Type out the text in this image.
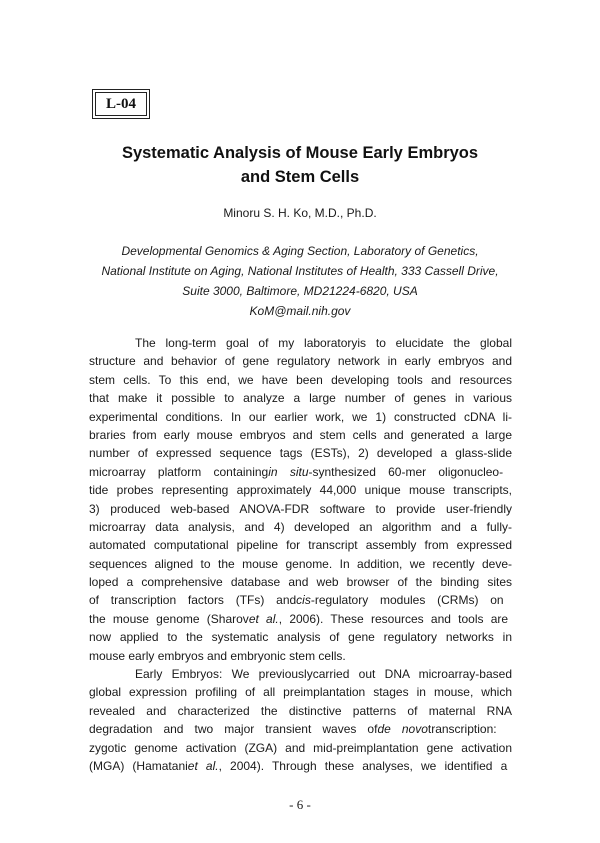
L-04
Systematic Analysis of Mouse Early Embryos
and Stem Cells
Minoru S. H. Ko, M.D., Ph.D.
Developmental Genomics & Aging Section, Laboratory of Genetics,
National Institute on Aging, National Institutes of Health, 333 Cassell Drive,
Suite 3000, Baltimore, MD21224-6820, USA
KoM@mail.nih.gov
The long-term goal of my laboratoryis to elucidate the global
structure and behavior of gene regulatory network in early embryos and
stem cells. To this end, we have been developing tools and resources
that make it possible to analyze a large number of genes in various
experimental conditions. In our earlier work, we 1) constructed cDNA li-
braries from early mouse embryos and stem cells and generated a large
number of expressed sequence tags (ESTs), 2) developed a glass-slide
microarray platform containingin situ-synthesized 60-mer oligonucleo-
tide probes representing approximately 44,000 unique mouse transcripts,
3) produced web-based ANOVA-FDR software to provide user-friendly
microarray data analysis, and 4) developed an algorithm and a fully-
automated computational pipeline for transcript assembly from expressed
sequences aligned to the mouse genome. In addition, we recently deve-
loped a comprehensive database and web browser of the binding sites
of transcription factors (TFs) andcis-regulatory modules (CRMs) on
the mouse genome (Sharovet al., 2006). These resources and tools are
now applied to the systematic analysis of gene regulatory networks in
mouse early embryos and embryonic stem cells.
Early Embryos: We previouslycarried out DNA microarray-based
global expression profiling of all preimplantation stages in mouse, which
revealed and characterized the distinctive patterns of maternal RNA
degradation and two major transient waves ofde novotranscription:
zygotic genome activation (ZGA) and mid-preimplantation gene activation
(MGA) (Hamataniet al., 2004). Through these analyses, we identified a
- 6 -
